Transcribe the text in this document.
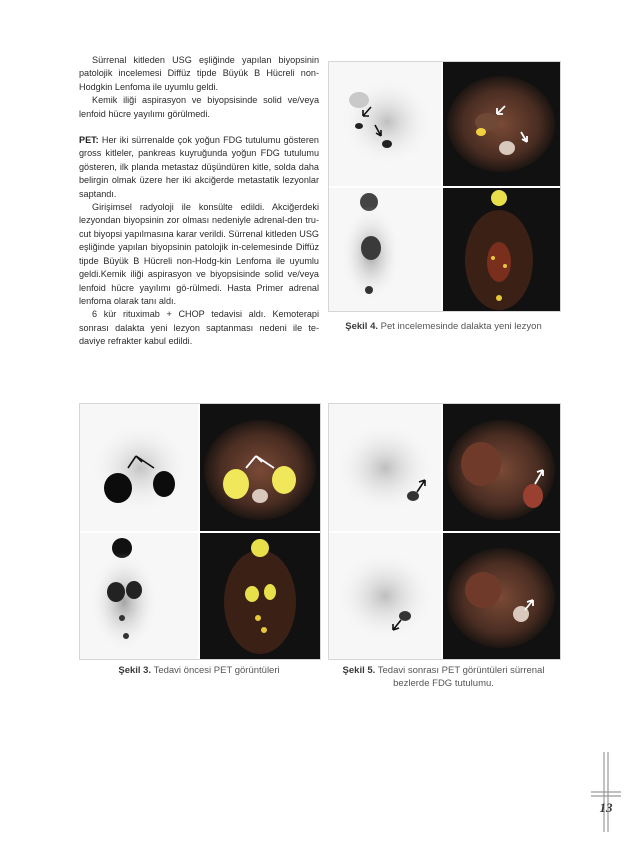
Sürrenal kitleden USG eşliğinde yapılan biyopsinin patolojik incelemesi Diffüz tipde Büyük B Hücreli non-Hodgkin Lenfoma ile uyumlu geldi.

Kemik iliği aspirasyon ve biyopsisinde solid ve/veya lenfoid hücre yayılımı görülmedi.

PET: Her iki sürrenalde çok yoğun FDG tutulumu gösteren gross kitleler, pankreas kuyruğunda yoğun FDG tutulumu gösteren, ilk planda metastaz düşündüren kitle, solda daha belirgin olmak üzere her iki akciğerde metastatik lezyonlar saptandı.

Girişimsel radyoloji ile konsülte edildi. Akciğerdeki lezyondan biyopsinin zor olması nedeniyle adrenal-den tru-cut biyopsi yapılmasına karar verildi. Sürrenal kitleden USG eşliğinde yapılan biyopsinin patolojik in-celemesinde Diffüz tipde Büyük B Hücreli non-Hodg-kin Lenfoma ile uyumlu geldi.Kemik iliği aspirasyon ve biyopsisinde solid ve/veya lenfoid hücre yayılımı gö-rülmedi. Hasta Primer adrenal lenfoma olarak tanı aldı.

6 kür rituximab + CHOP tedavisi aldı. Kemoterapi sonrası dalakta yeni lezyon saptanması nedeni ile te-daviye refrakter kabul edildi.

Şekil 4. Pet incelemesinde dalakta yeni lezyon
Şekil 3. Tedavi öncesi PET görüntüleri	Şekil 5. Tedavi sonrası PET görüntüleri sürrenal bezlerde FDG tutulumu.
13
